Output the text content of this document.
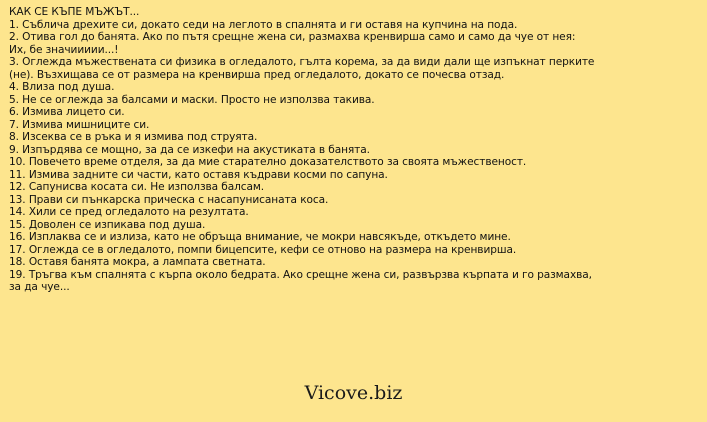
КАК СЕ КЪПЕ МЪЖЪТ...
1. Съблича дрехите си, докато седи на леглото в спалнята и ги оставя на купчина на пода.
2. Отива гол до банята. Ако по пътя срещне жена си, размахва кренвирша само и само да чуе от нея:
Их, бе значиииии...!
3. Оглежда мъжествената си физика в огледалото, гълта корема, за да види дали ще изпъкнат перките (не). Възхищава се от размера на кренвирша пред огледалото, докато се почесва отзад.
4. Влиза под душа.
5. Не се оглежда за балсами и маски. Просто не използва такива.
6. Измива лицето си.
7. Измива мишниците си.
8. Изсеква се в ръка и я измива под струята.
9. Изпърдява се мощно, за да се изкефи на акустиката в банята.
10. Повечето време отделя, за да мие старателно доказателството за своята мъжественост.
11. Измива задните си части, като оставя къдрави косми по сапуна.
12. Сапунисва косата си. Не използва балсам.
13. Прави си пънкарска прическа с насапунисаната коса.
14. Хили се пред огледалото на резултата.
15. Доволен се изпикава под душа.
16. Изплаква се и излиза, като не обръща внимание, че мокри навсякъде, откъдето мине.
17. Оглежда се в огледалото, помпи бицепсите, кефи се отново на размера на кренвирша.
18. Оставя банята мокра, а лампата светната.
19. Тръгва към спалнята с кърпа около бедрата. Ако срещне жена си, развързва кърпата и го размахва, за да чуе...
Vicove.biz
